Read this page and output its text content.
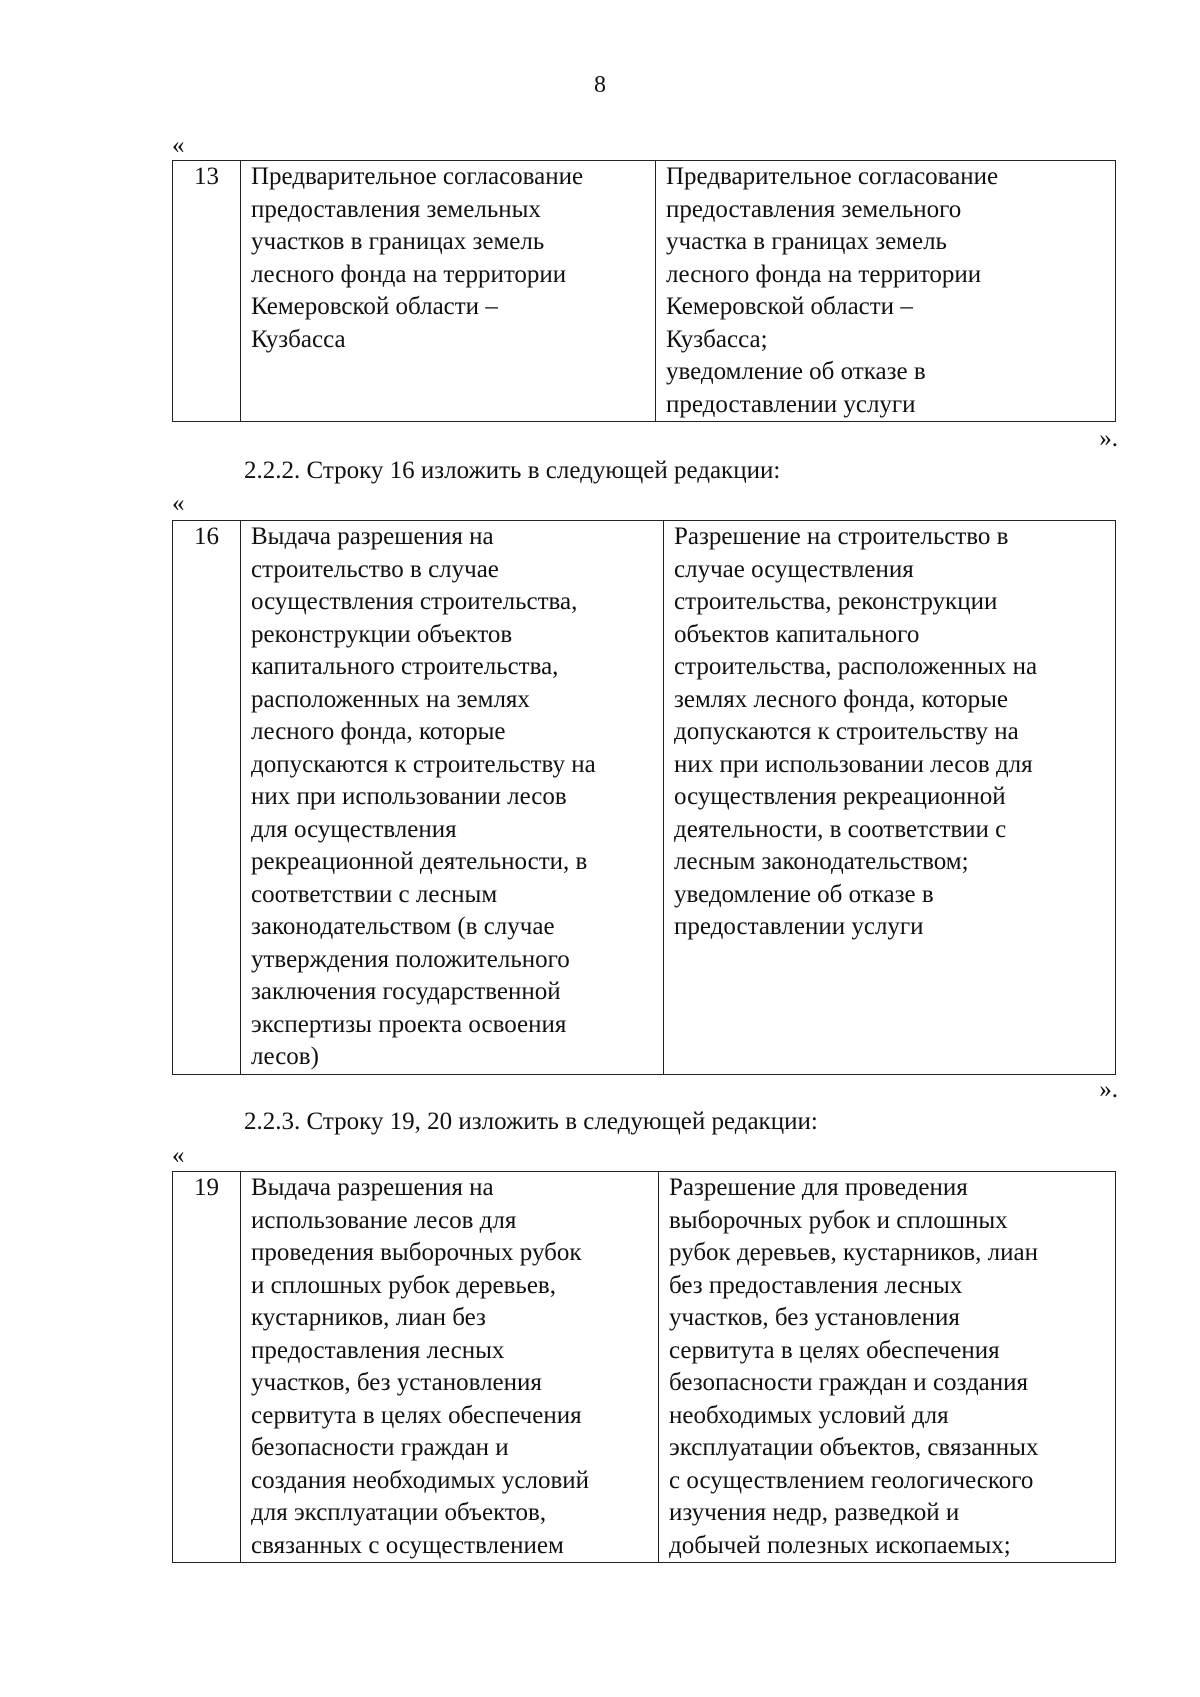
8
«
13	Предварительное согласование
предоставления земельных
участков в границах земель
лесного фонда на территории
Кемеровской области –
Кузбасса	Предварительное согласование
предоставления земельного
участка в границах земель
лесного фонда на территории
Кемеровской области –
Кузбасса;
уведомление об отказе в
предоставлении услуги
».
2.2.2. Строку 16 изложить в следующей редакции:
«
16	Выдача разрешения на
строительство в случае
осуществления строительства,
реконструкции объектов
капитального строительства,
расположенных на землях
лесного фонда, которые
допускаются к строительству на
них при использовании лесов
для осуществления
рекреационной деятельности, в
соответствии с лесным
законодательством (в случае
утверждения положительного
заключения государственной
экспертизы проекта освоения
лесов)	Разрешение на строительство в
случае осуществления
строительства, реконструкции
объектов капитального
строительства, расположенных на
землях лесного фонда, которые
допускаются к строительству на
них при использовании лесов для
осуществления рекреационной
деятельности, в соответствии с
лесным законодательством;
уведомление об отказе в
предоставлении услуги
».
2.2.3. Строку 19, 20 изложить в следующей редакции:
«
19	Выдача разрешения на
использование лесов для
проведения выборочных рубок
и сплошных рубок деревьев,
кустарников, лиан без
предоставления лесных
участков, без установления
сервитута в целях обеспечения
безопасности граждан и
создания необходимых условий
для эксплуатации объектов,
связанных с осуществлением	Разрешение для проведения
выборочных рубок и сплошных
рубок деревьев, кустарников, лиан
без предоставления лесных
участков, без установления
сервитута в целях обеспечения
безопасности граждан и создания
необходимых условий для
эксплуатации объектов, связанных
с осуществлением геологического
изучения недр, разведкой и
добычей полезных ископаемых;
